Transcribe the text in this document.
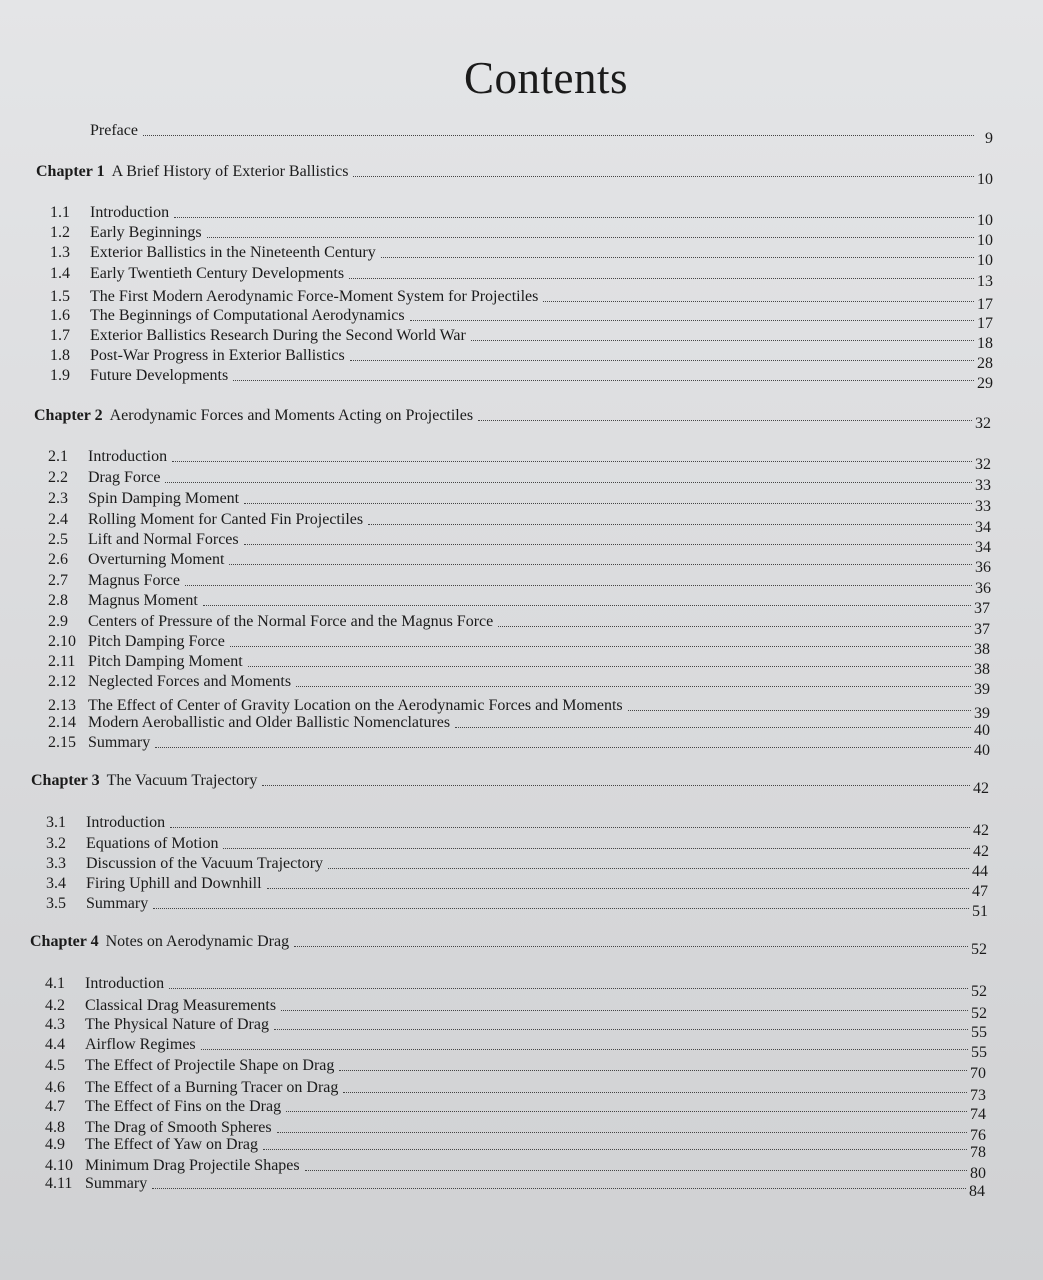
Contents
Preface	9
Chapter 1 A Brief History of Exterior Ballistics	10
1.1	Introduction	10
1.2	Early Beginnings	10
1.3	Exterior Ballistics in the Nineteenth Century	10
1.4	Early Twentieth Century Developments	13
1.5	The First Modern Aerodynamic Force-Moment System for Projectiles	17
1.6	The Beginnings of Computational Aerodynamics	17
1.7	Exterior Ballistics Research During the Second World War	18
1.8	Post-War Progress in Exterior Ballistics	28
1.9	Future Developments	29
Chapter 2 Aerodynamic Forces and Moments Acting on Projectiles	32
2.1	Introduction	32
2.2	Drag Force	33
2.3	Spin Damping Moment	33
2.4	Rolling Moment for Canted Fin Projectiles	34
2.5	Lift and Normal Forces	34
2.6	Overturning Moment	36
2.7	Magnus Force	36
2.8	Magnus Moment	37
2.9	Centers of Pressure of the Normal Force and the Magnus Force	37
2.10 Pitch Damping Force	38
2.11 Pitch Damping Moment	38
2.12 Neglected Forces and Moments	39
2.13 The Effect of Center of Gravity Location on the Aerodynamic Forces and Moments	39
2.14 Modern Aeroballistic and Older Ballistic Nomenclatures	40
2.15 Summary	40
Chapter 3 The Vacuum Trajectory	42
3.1	Introduction	42
3.2	Equations of Motion	42
3.3	Discussion of the Vacuum Trajectory	44
3.4	Firing Uphill and Downhill	47
3.5	Summary	51
Chapter 4 Notes on Aerodynamic Drag	52
4.1	Introduction	52
4.2	Classical Drag Measurements	52
4.3	The Physical Nature of Drag	55
4.4	Airflow Regimes	55
4.5	The Effect of Projectile Shape on Drag	70
4.6	The Effect of a Burning Tracer on Drag	73
4.7	The Effect of Fins on the Drag	74
4.8	The Drag of Smooth Spheres	76
4.9	The Effect of Yaw on Drag	78
4.10 Minimum Drag Projectile Shapes	80
4.11 Summary	84
